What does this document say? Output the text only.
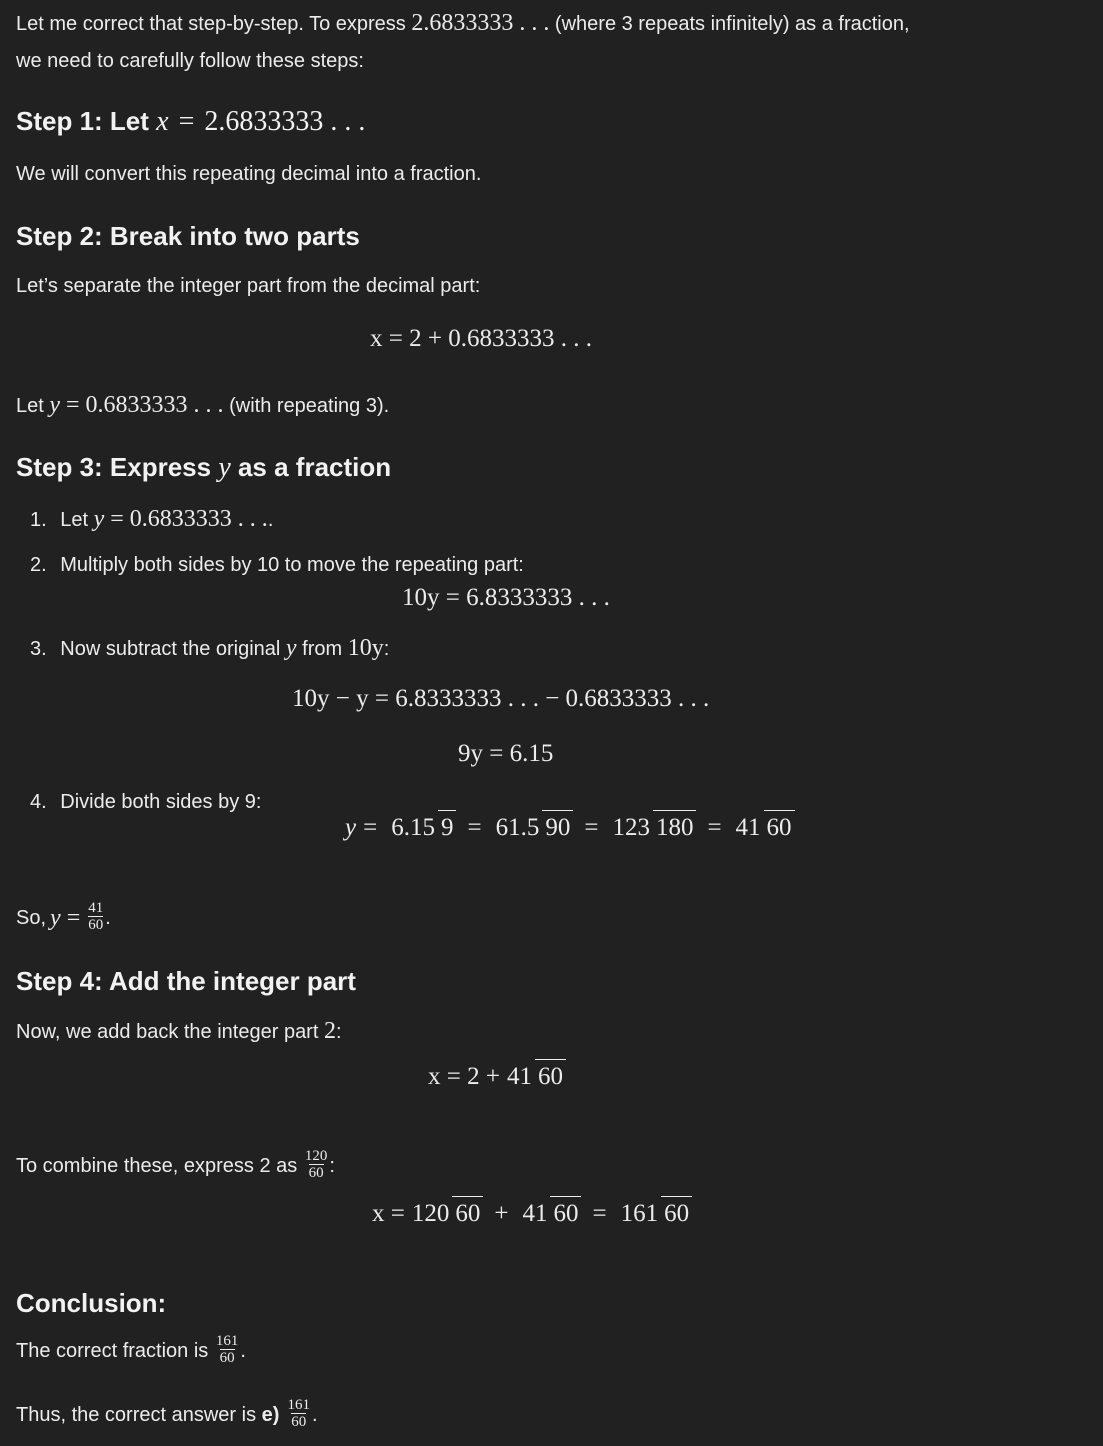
Let me correct that step-by-step. To express 2.6833333 . . . (where 3 repeats infinitely) as a fraction,
we need to carefully follow these steps:
Step 1: Let x = 2.6833333 . . .
We will convert this repeating decimal into a fraction.
Step 2: Break into two parts
Let’s separate the integer part from the decimal part:
x = 2 + 0.6833333 . . .
Let y = 0.6833333 . . . (with repeating 3).
Step 3: Express y as a fraction
1. Let y = 0.6833333 . . ..
2. Multiply both sides by 10 to move the repeating part:
10y = 6.8333333 . . .
3. Now subtract the original y from 10y:
10y − y = 6.8333333 . . . − 0.6833333 . . .
9y = 6.15
4. Divide both sides by 9:
y = 6.15 9 = 61.5 90 = 123 180 = 41 60
So, $y = \frac{41}{60}$ .
Step 4: Add the integer part
Now, we add back the integer part 2:
x = 2 + 41 60
To combine these, express 2 as $\frac{120}{60}$ :
x = 120 60 + 41 60 = 161 60
Conclusion:
The correct fraction is $\frac{161}{60}$ .
Thus, the correct answer is $e) \frac{161}{60}$ .
